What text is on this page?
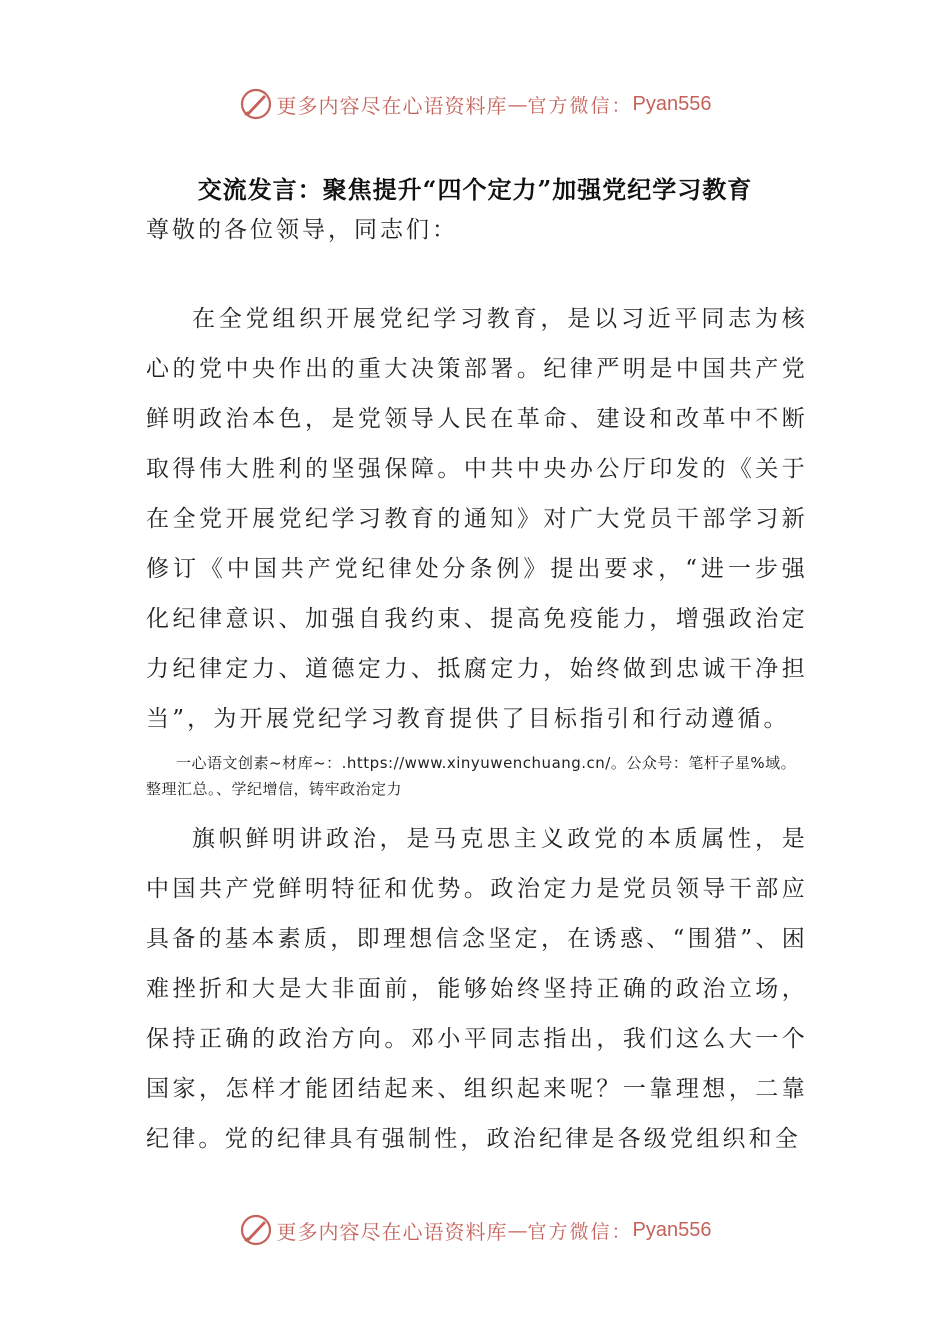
更多内容尽在心语资料库 — 官方微信： Pyan556
交流发言：聚焦提升“四个定力”加强党纪学习教育
尊敬的各位领导，同志们：

在全党组织开展党纪学习教育，是以习近平同志为核心的党中央作出的重大决策部署。纪律严明是中国共产党鲜明政治本色，是党领导人民在革命、建设和改革中不断取得伟大胜利的坚强保障。中共中央办公厅印发的《关于在全党开展党纪学习教育的通知》对广大党员干部学习新修订《中国共产党纪律处分条例》提出要求，“进一步强化纪律意识、加强自我约束、提高免疫能力，增强政治定力纪律定力、道德定力、抵腐定力，始终做到忠诚干净担当”，为开展党纪学习教育提供了目标指引和行动遵循。

一心语文创素~材库~：.https://www.xinyuwenchuang.cn/。公众号：笔杆子星%域。整理汇总。、学纪增信，铸牢政治定力

旗帜鲜明讲政治，是马克思主义政党的本质属性，是中国共产党鲜明特征和优势。政治定力是党员领导干部应具备的基本素质，即理想信念坚定，在诱惑、“围猎”、困难挫折和大是大非面前，能够始终坚持正确的政治立场，保持正确的政治方向。邓小平同志指出，我们这么大一个国家，怎样才能团结起来、组织起来呢？一靠理想，二靠纪律。党的纪律具有强制性，政治纪律是各级党组织和全

更多内容尽在心语资料库 — 官方微信： Pyan556
